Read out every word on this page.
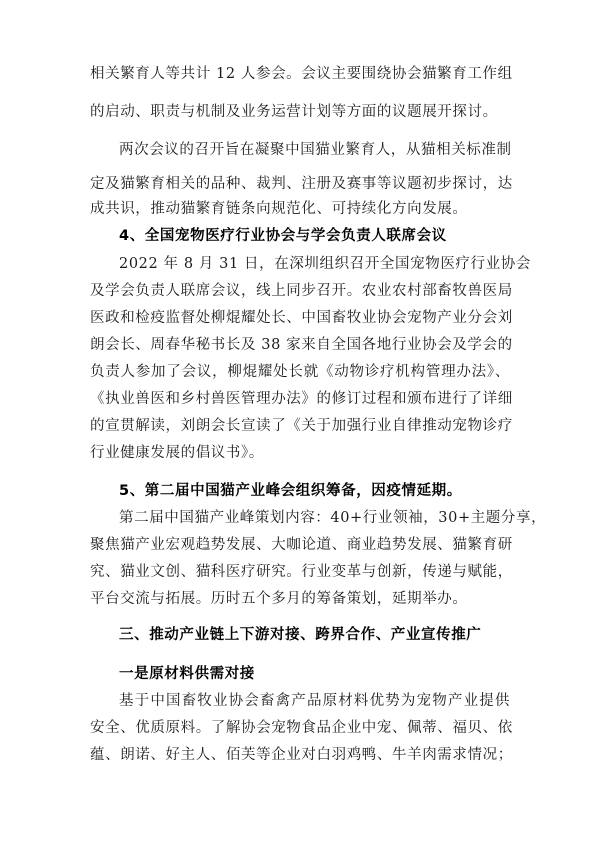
相关繁育人等共计 12 人参会。会议主要围绕协会猫繁育工作组
的启动、职责与机制及业务运营计划等方面的议题展开探讨。
两次会议的召开旨在凝聚中国猫业繁育人，从猫相关标准制
定及猫繁育相关的品种、裁判、注册及赛事等议题初步探讨，达
成共识，推动猫繁育链条向规范化、可持续化方向发展。
4、全国宠物医疗行业协会与学会负责人联席会议
2022 年 8 月 31 日，在深圳组织召开全国宠物医疗行业协会
及学会负责人联席会议，线上同步召开。农业农村部畜牧兽医局
医政和检疫监督处柳焜耀处长、中国畜牧业协会宠物产业分会刘
朗会长、周春华秘书长及 38 家来自全国各地行业协会及学会的
负责人参加了会议，柳焜耀处长就《动物诊疗机构管理办法》、
《执业兽医和乡村兽医管理办法》的修订过程和颁布进行了详细
的宣贯解读，刘朗会长宣读了《关于加强行业自律推动宠物诊疗
行业健康发展的倡议书》。
5、第二届中国猫产业峰会组织筹备，因疫情延期。
第二届中国猫产业峰策划内容：40+行业领袖，30+主题分享，
聚焦猫产业宏观趋势发展、大咖论道、商业趋势发展、猫繁育研
究、猫业文创、猫科医疗研究。行业变革与创新，传递与赋能，
平台交流与拓展。历时五个多月的筹备策划，延期举办。
三、推动产业链上下游对接、跨界合作、产业宣传推广
一是原材料供需对接
基于中国畜牧业协会畜禽产品原材料优势为宠物产业提供
安全、优质原料。了解协会宠物食品企业中宠、佩蒂、福贝、依
蕴、朗诺、好主人、佰芙等企业对白羽鸡鸭、牛羊肉需求情况；
